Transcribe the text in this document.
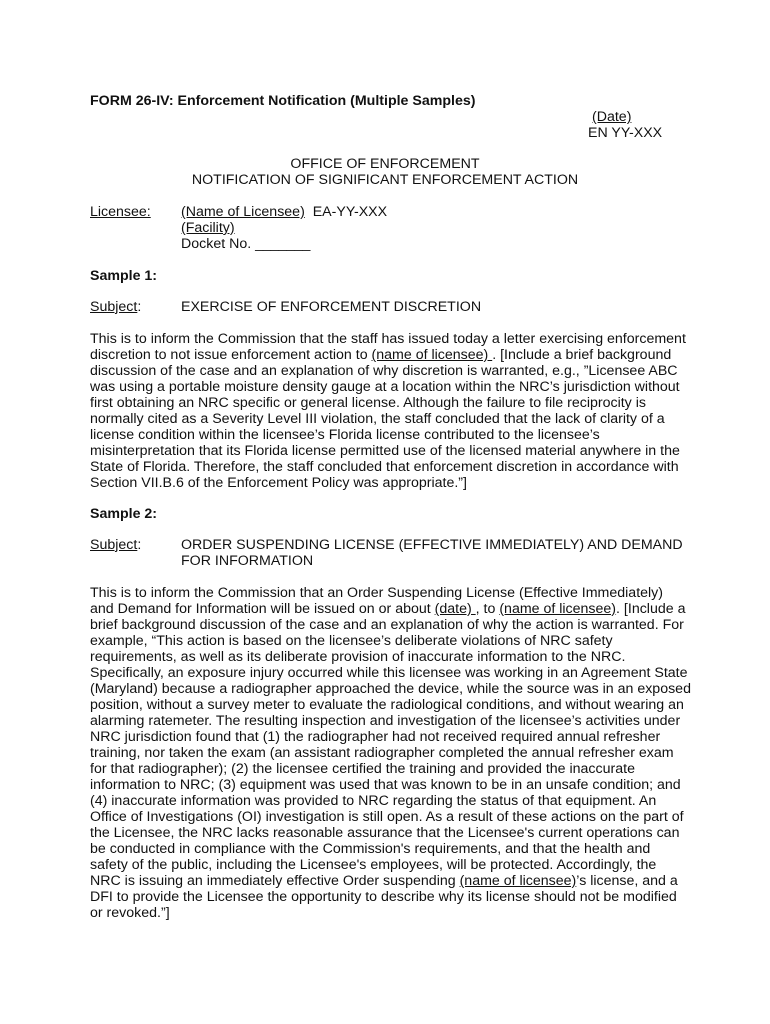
FORM 26-IV: Enforcement Notification (Multiple Samples)
(Date)
EN YY-XXX
OFFICE OF ENFORCEMENT
NOTIFICATION OF SIGNIFICANT ENFORCEMENT ACTION
Licensee: (Name of Licensee) EA-YY-XXX
(Facility)
Docket No. _______
Sample 1:
Subject:	EXERCISE OF ENFORCEMENT DISCRETION
This is to inform the Commission that the staff has issued today a letter exercising enforcement
discretion to not issue enforcement action to (name of licensee) . [Include a brief background
discussion of the case and an explanation of why discretion is warranted, e.g., ”Licensee ABC
was using a portable moisture density gauge at a location within the NRC’s jurisdiction without
first obtaining an NRC specific or general license. Although the failure to file reciprocity is
normally cited as a Severity Level III violation, the staff concluded that the lack of clarity of a
license condition within the licensee’s Florida license contributed to the licensee’s
misinterpretation that its Florida license permitted use of the licensed material anywhere in the
State of Florida. Therefore, the staff concluded that enforcement discretion in accordance with
Section VII.B.6 of the Enforcement Policy was appropriate.”]
Sample 2:
Subject:	ORDER SUSPENDING LICENSE (EFFECTIVE IMMEDIATELY) AND DEMAND
FOR INFORMATION
This is to inform the Commission that an Order Suspending License (Effective Immediately)
and Demand for Information will be issued on or about (date) , to (name of licensee). [Include a
brief background discussion of the case and an explanation of why the action is warranted. For
example, “This action is based on the licensee’s deliberate violations of NRC safety
requirements, as well as its deliberate provision of inaccurate information to the NRC.
Specifically, an exposure injury occurred while this licensee was working in an Agreement State
(Maryland) because a radiographer approached the device, while the source was in an exposed
position, without a survey meter to evaluate the radiological conditions, and without wearing an
alarming ratemeter. The resulting inspection and investigation of the licensee’s activities under
NRC jurisdiction found that (1) the radiographer had not received required annual refresher
training, nor taken the exam (an assistant radiographer completed the annual refresher exam
for that radiographer); (2) the licensee certified the training and provided the inaccurate
information to NRC; (3) equipment was used that was known to be in an unsafe condition; and
(4) inaccurate information was provided to NRC regarding the status of that equipment. An
Office of Investigations (OI) investigation is still open. As a result of these actions on the part of
the Licensee, the NRC lacks reasonable assurance that the Licensee's current operations can
be conducted in compliance with the Commission's requirements, and that the health and
safety of the public, including the Licensee's employees, will be protected. Accordingly, the
NRC is issuing an immediately effective Order suspending (name of licensee)’s license, and a
DFI to provide the Licensee the opportunity to describe why its license should not be modified
or revoked.”]
